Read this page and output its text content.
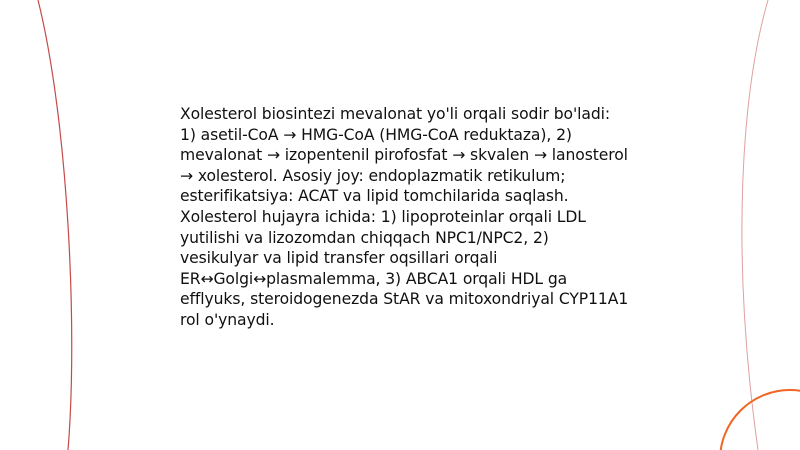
Xolesterol biosintezi mevalonat yo'li orqali sodir bo'ladi: 1) asetil-CoA → HMG-CoA (HMG-CoA reduktaza), 2) mevalonat → izopentenil pirofosfat → skvalen → lanosterol → xolesterol. Asosiy joy: endoplazmatik retikulum; esterifikatsiya: ACAT va lipid tomchilarida saqlash. Xolesterol hujayra ichida: 1) lipoproteinlar orqali LDL yutilishi va lizozomdan chiqqach NPC1/NPC2, 2) vesikulyar va lipid transfer oqsillari orqali ER↔Golgi↔plasmalemma, 3) ABCA1 orqali HDL ga efflyuks, steroidogenezda StAR va mitoxondriyal CYP11A1 rol o'ynaydi.
